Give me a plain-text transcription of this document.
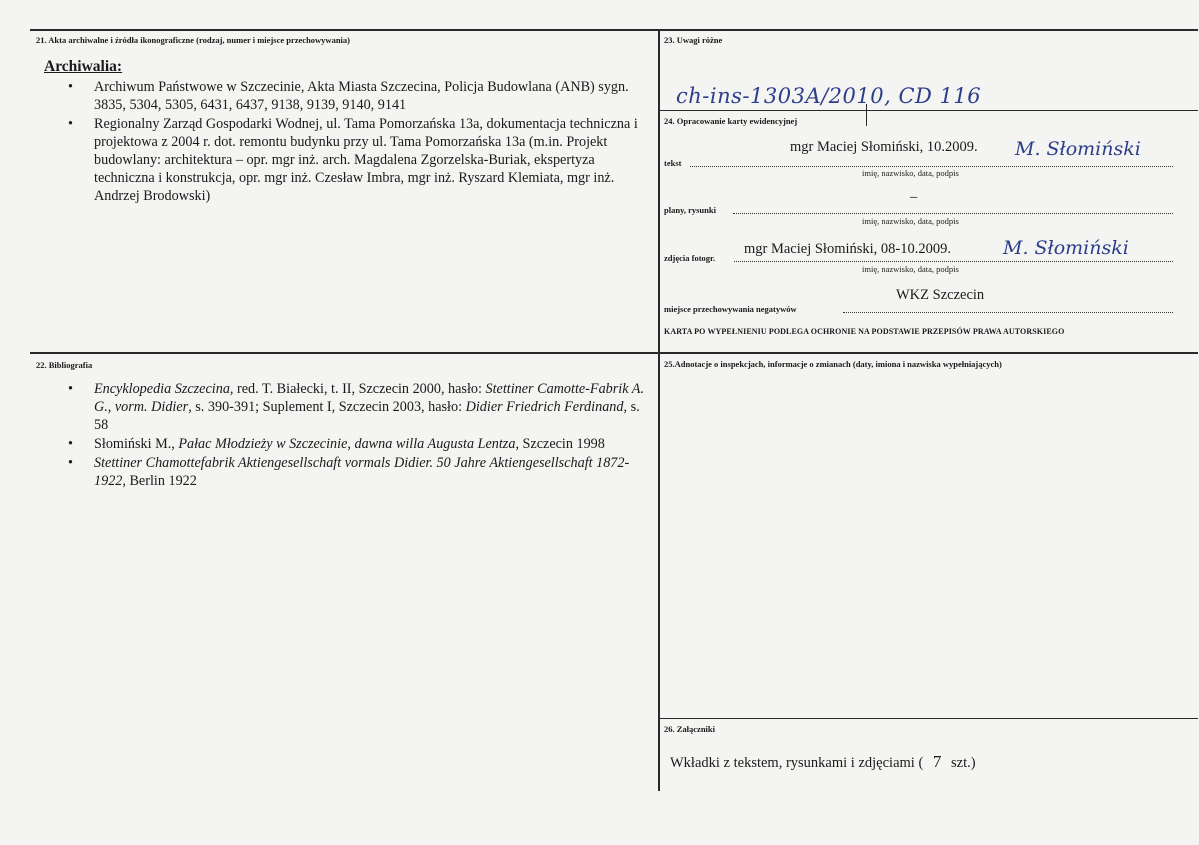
21. Akta archiwalne i źródła ikonograficzne (rodzaj, numer i miejsce przechowywania)
Archiwalia:
• Archiwum Państwowe w Szczecinie, Akta Miasta Szczecina, Policja Budowlana (ANB) sygn. 3835, 5304, 5305, 6431, 6437, 9138, 9139, 9140, 9141
• Regionalny Zarząd Gospodarki Wodnej, ul. Tama Pomorzańska 13a, dokumentacja techniczna i projektowa z 2004 r. dot. remontu budynku przy ul. Tama Pomorzańska 13a (m.in. Projekt budowlany: architektura – opr. mgr inż. arch. Magdalena Zgorzelska-Buriak, ekspertyza techniczna i konstrukcja, opr. mgr inż. Czesław Imbra, mgr inż. Ryszard Klemiata, mgr inż. Andrzej Brodowski)
22. Bibliografia
• Encyklopedia Szczecina, red. T. Białecki, t. II, Szczecin 2000, hasło: Stettiner Camotte-Fabrik A. G., vorm. Didier, s. 390-391; Suplement I, Szczecin 2003, hasło: Didier Friedrich Ferdinand, s. 58
• Słomiński M., Pałac Młodzieży w Szczecinie, dawna willa Augusta Lentza, Szczecin 1998
• Stettiner Chamottefabrik Aktiengesellschaft vormals Didier. 50 Jahre Aktiengesellschaft 1872-1922, Berlin 1922
23. Uwagi różne
ch-ins-1303A/2010, CD 116
24. Opracowanie karty ewidencyjnej
mgr Maciej Słomiński, 10.2009. M. Słomiński
tekst
imię, nazwisko, data, podpis
–
plany, rysunki
imię, nazwisko, data, podpis
mgr Maciej Słomiński, 08-10.2009.	M. Słomiński
zdjęcia fotogr.
imię, nazwisko, data, podpis
WKZ Szczecin
miejsce przechowywania negatywów
KARTA PO WYPEŁNIENIU PODLEGA OCHRONIE NA PODSTAWIE PRZEPISÓW PRAWA AUTORSKIEGO
25.Adnotacje o inspekcjach, informacje o zmianach (daty, imiona i nazwiska wypełniających)
26. Załączniki
Wkładki z tekstem, rysunkami i zdjęciami ( 7 szt.)
